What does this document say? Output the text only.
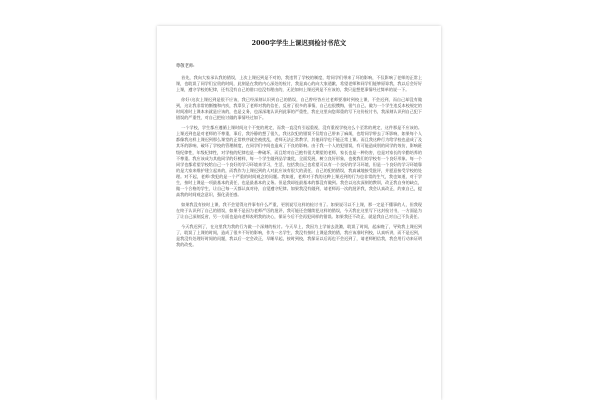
2000字学生上课迟到检讨书范文

尊敬老师:

首先，我向大家承认我的错误，上次上课迟到是不对的，我违背了学校的制度，给同学们带来了坏的影响，不仅影响了老师的正常上课，也耽误了同学们宝贵的时间，此刻是在我的内心深处的检讨，我是真心的向大家道歉，希望老师和同学们能够原谅我，我以后会好好上课，遵守学校的纪律，还有没有自己的借口也没有理由的，无论如何上课迟到是不应该的，我只是想把事情经过简单的说一下。

你好!这次上课迟到是很不应该，我已经深刻认识到自己的错误，自己曾经答应过老师要准时到校上课，不会迟到，而自己却没有做到，这让我非常的惭愧和内疚，我辜负了老师对我的信任，反省了很多的事情，自己也很懊悔，很气自己，做为一个学生违反本校规定的时间准时上课本来就是应该的，也是义务，也深深地认识到此事的严重性，我在这里向您郑重的写下这份检讨书，我深刻认识到自己犯下错误的严重性，对自己把检讨做的事情经过如下。

一个学校，学生都应遵循上课时间这个不变的规定，而我一直没有引起重视，没有重视学校这么个至常的规定，这件那是不应该的。上课迟到也是对老师的不尊重，事后，我冷静的想了很久，我这次犯的错误不仅给自己带来了麻烦，也给同学带去了坏影响，如果每个人都像我这样上课迟到那么课堂的正常秩序就会被扰乱，老师无法正常教学，其他同学也不能正常上课。而且我这种行为给学校也造成了及其坏的影响，破坏了学校的管理制度，在同学们中间也造成了不良的影响。由于我一个人的犯错误，有可能造成别的同学的效仿，影响班级纪律性，年级纪律性，对学校的纪律也是一种破坏，而且给对自己抱有很大期望的老师，家长也是一种伤害，也是对家长的辛勤培养的不尊重。我应该成为其他同学的好榜样，每一个学生做到品学兼优，全面发展，树立良好形象，也使我们的学校有一个良好形象。每一个同学也都希望学校给自己一个良好的学习环境来学习，生活，包括我自己也希望可以有一个良好的学习环境，但是一个良好的学习环境靠的是大家来维护建立起来的，而我作为上课迟到的人对此应该有很大的责任，自己的犯的错误，我真诚地接受批评，并愿意接受学校的处理。对不起，老师!我犯的是一个严重的时间观念的问题。我知道，老师对于我的这种上课迟到的行为也非常的生气，我也知道，对于学生，按时上课是一项最基本的责任，也是最基本的义务。但是我却连最基本的都没有做到。我会以这次深刻的教训，改正我自身的缺点，做一个合格的学生，让自己每一天都认真对待，自觉遵守纪律。如果我没有做到，请老师再一次的批评我，我会认真改正，约束自己，提高我的时间观念意识，强化责任感。

如果我没有按时上课，我不会觉得这件事有什么严重，更别说写这样的检讨书了。如果说可以不上课，那一定是不懂事的人，但我现在终于认识到了自己的错误，如果不是因为老师严厉的批评，我可能还会继续犯这样的错误，今天我在这里写下这封检讨书，一方面是为了让自己深刻反省，另一方面也是向老师表明我的决心，保证今后不会再犯同样的错误。如果我还不改正，就是我自己对自己不负责任。

今天我迟到了，在这里我为我的行为做一个深刻的检讨。今天早上，我因为上学前去洗漱，耽误了时间，起床晚了，导致我上课迟到了，耽误了上课的时间，造成了很多不好的影响，作为一名学生，我没有按时上课是我的错，我应该准时到校，认真听讲，而不是迟到，是我没有处理好时间的问题，我以后一定会改正，早睡早起，按时到校，我保证以后再也不会迟到了，请老师相信我，我会用行动来证明我的改变。
